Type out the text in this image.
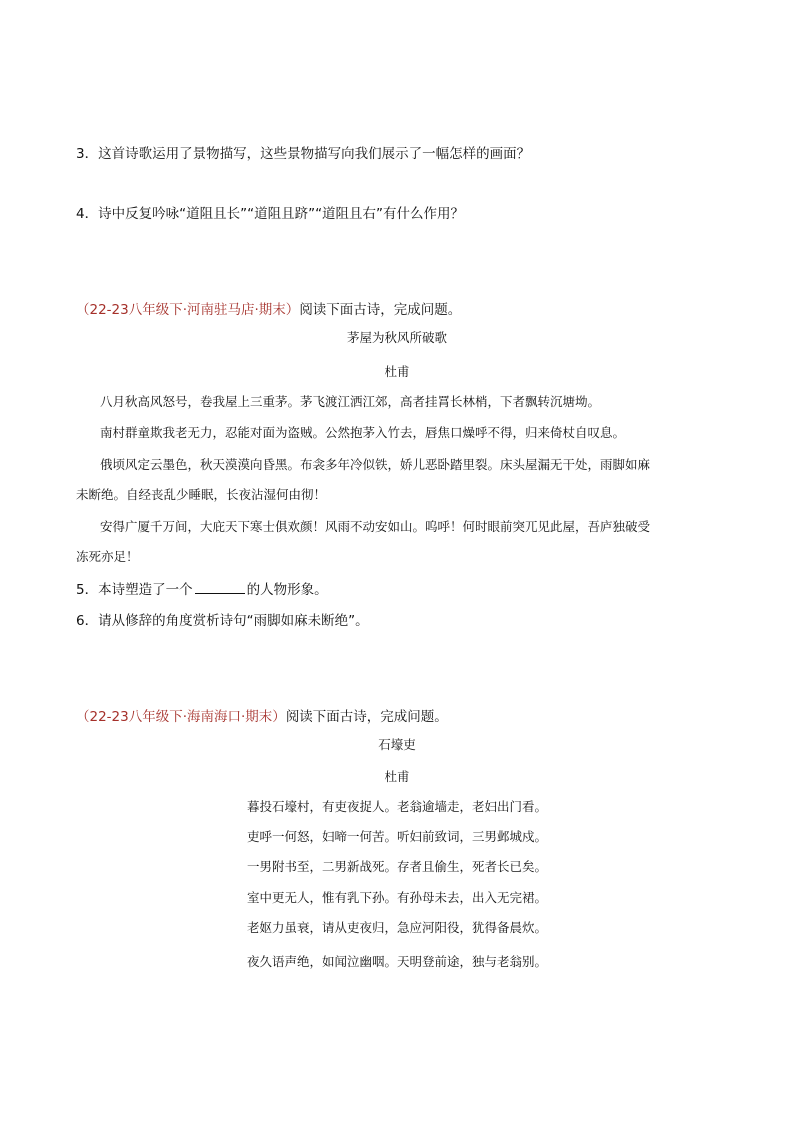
3．这首诗歌运用了景物描写，这些景物描写向我们展示了一幅怎样的画面？
4．诗中反复吟咏“道阻且长”“道阻且跻”“道阻且右”有什么作用？
（22-23八年级下·河南驻马店·期末）阅读下面古诗，完成问题。
茅屋为秋风所破歌
杜甫
八月秋高风怒号，卷我屋上三重茅。茅飞渡江洒江郊，高者挂罥长林梢，下者飘转沉塘坳。
南村群童欺我老无力，忍能对面为盗贼。公然抱茅入竹去，唇焦口燥呼不得，归来倚杖自叹息。
俄顷风定云墨色，秋天漠漠向昏黑。布衾多年冷似铁，娇儿恶卧踏里裂。床头屋漏无干处，雨脚如麻
未断绝。自经丧乱少睡眠，长夜沾湿何由彻！
安得广厦千万间，大庇天下寒士俱欢颜！风雨不动安如山。呜呼！何时眼前突兀见此屋，吾庐独破受
冻死亦足！
5．本诗塑造了一个	的人物形象。
6．请从修辞的角度赏析诗句“雨脚如麻未断绝”。
（22-23八年级下·海南海口·期末）阅读下面古诗，完成问题。
石壕吏
杜甫
暮投石壕村，有吏夜捉人。老翁逾墙走，老妇出门看。
吏呼一何怒，妇啼一何苦。听妇前致词，三男邺城戍。
一男附书至，二男新战死。存者且偷生，死者长已矣。
室中更无人，惟有乳下孙。有孙母未去，出入无完裙。
老妪力虽衰，请从吏夜归，急应河阳役，犹得备晨炊。
夜久语声绝，如闻泣幽咽。天明登前途，独与老翁别。
